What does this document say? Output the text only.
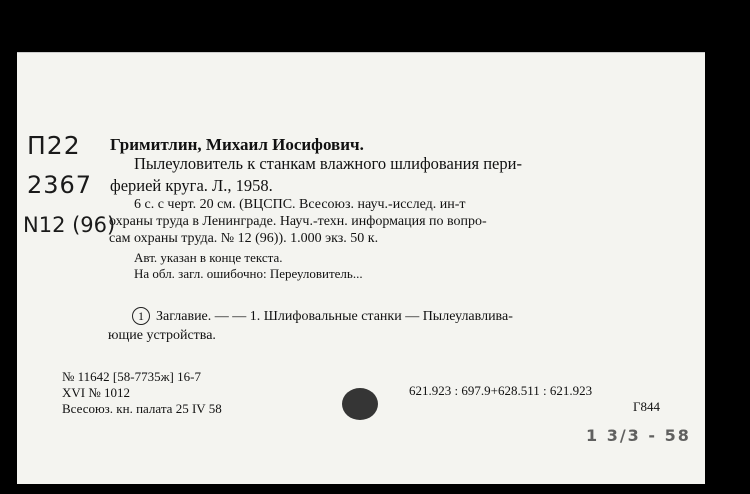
П22
2367
N12 (96)
Гримитлин, Михаил Иосифович.
Пылеуловитель к станкам влажного шлифования пери-
ферией круга. Л., 1958.
6 с. с черт. 20 см. (ВЦСПС. Всесоюз. науч.-исслед. ин-т
охраны труда в Ленинграде. Науч.-техн. информация по вопро-
сам охраны труда. № 12 (96)). 1.000 экз. 50 к.
Авт. указан в конце текста.
На обл. загл. ошибочно: Переуловитель...
1 Заглавие. — — 1. Шлифовальные станки — Пылеулавлива-
ющие устройства.
№ 11642 [58-7735ж] 16-7
XVI № 1012
Всесоюз. кн. палата 25 IV 58
621.923 : 697.9+628.511 : 621.923
Г844
1 3/3 - 58
